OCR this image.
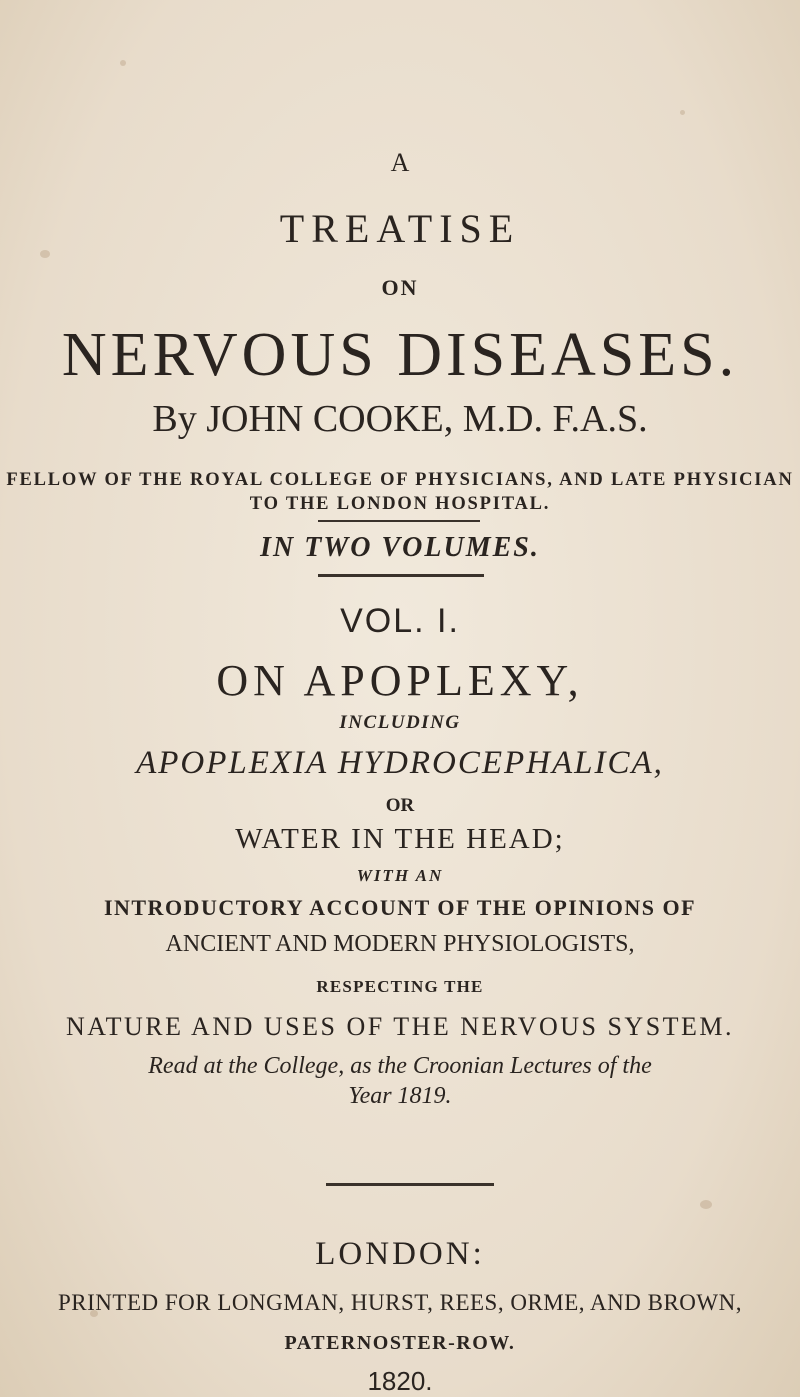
A
TREATISE
ON
NERVOUS DISEASES.
By JOHN COOKE, M.D. F.A.S.
FELLOW OF THE ROYAL COLLEGE OF PHYSICIANS, AND LATE PHYSICIAN
TO THE LONDON HOSPITAL.
IN TWO VOLUMES.
VOL. I.
ON APOPLEXY,
INCLUDING
APOPLEXIA HYDROCEPHALICA,
OR
WATER IN THE HEAD;
WITH AN
INTRODUCTORY ACCOUNT OF THE OPINIONS OF
ANCIENT AND MODERN PHYSIOLOGISTS,
RESPECTING THE
NATURE AND USES OF THE NERVOUS SYSTEM.
Read at the College, as the Croonian Lectures of the
Year 1819.
LONDON:
PRINTED FOR LONGMAN, HURST, REES, ORME, AND BROWN,
PATERNOSTER-ROW.
1820.
